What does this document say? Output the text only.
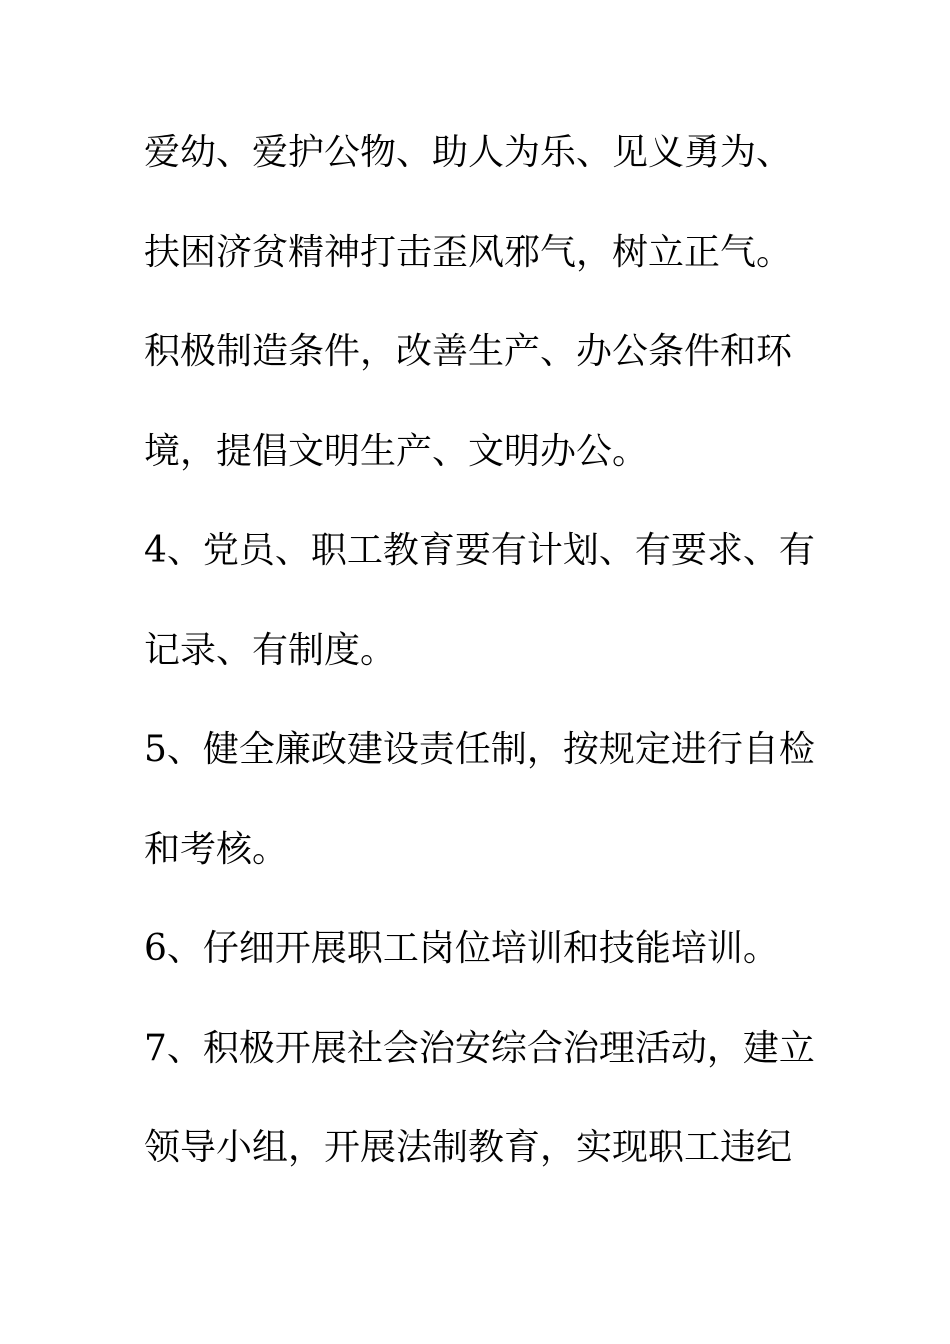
爱幼、爱护公物、助人为乐、见义勇为、
扶困济贫精神打击歪风邪气，树立正气。
积极制造条件，改善生产、办公条件和环
境，提倡文明生产、文明办公。
4、党员、职工教育要有计划、有要求、有
记录、有制度。
5、健全廉政建设责任制，按规定进行自检
和考核。
6、仔细开展职工岗位培训和技能培训。
7、积极开展社会治安综合治理活动，建立
领导小组，开展法制教育，实现职工违纪
